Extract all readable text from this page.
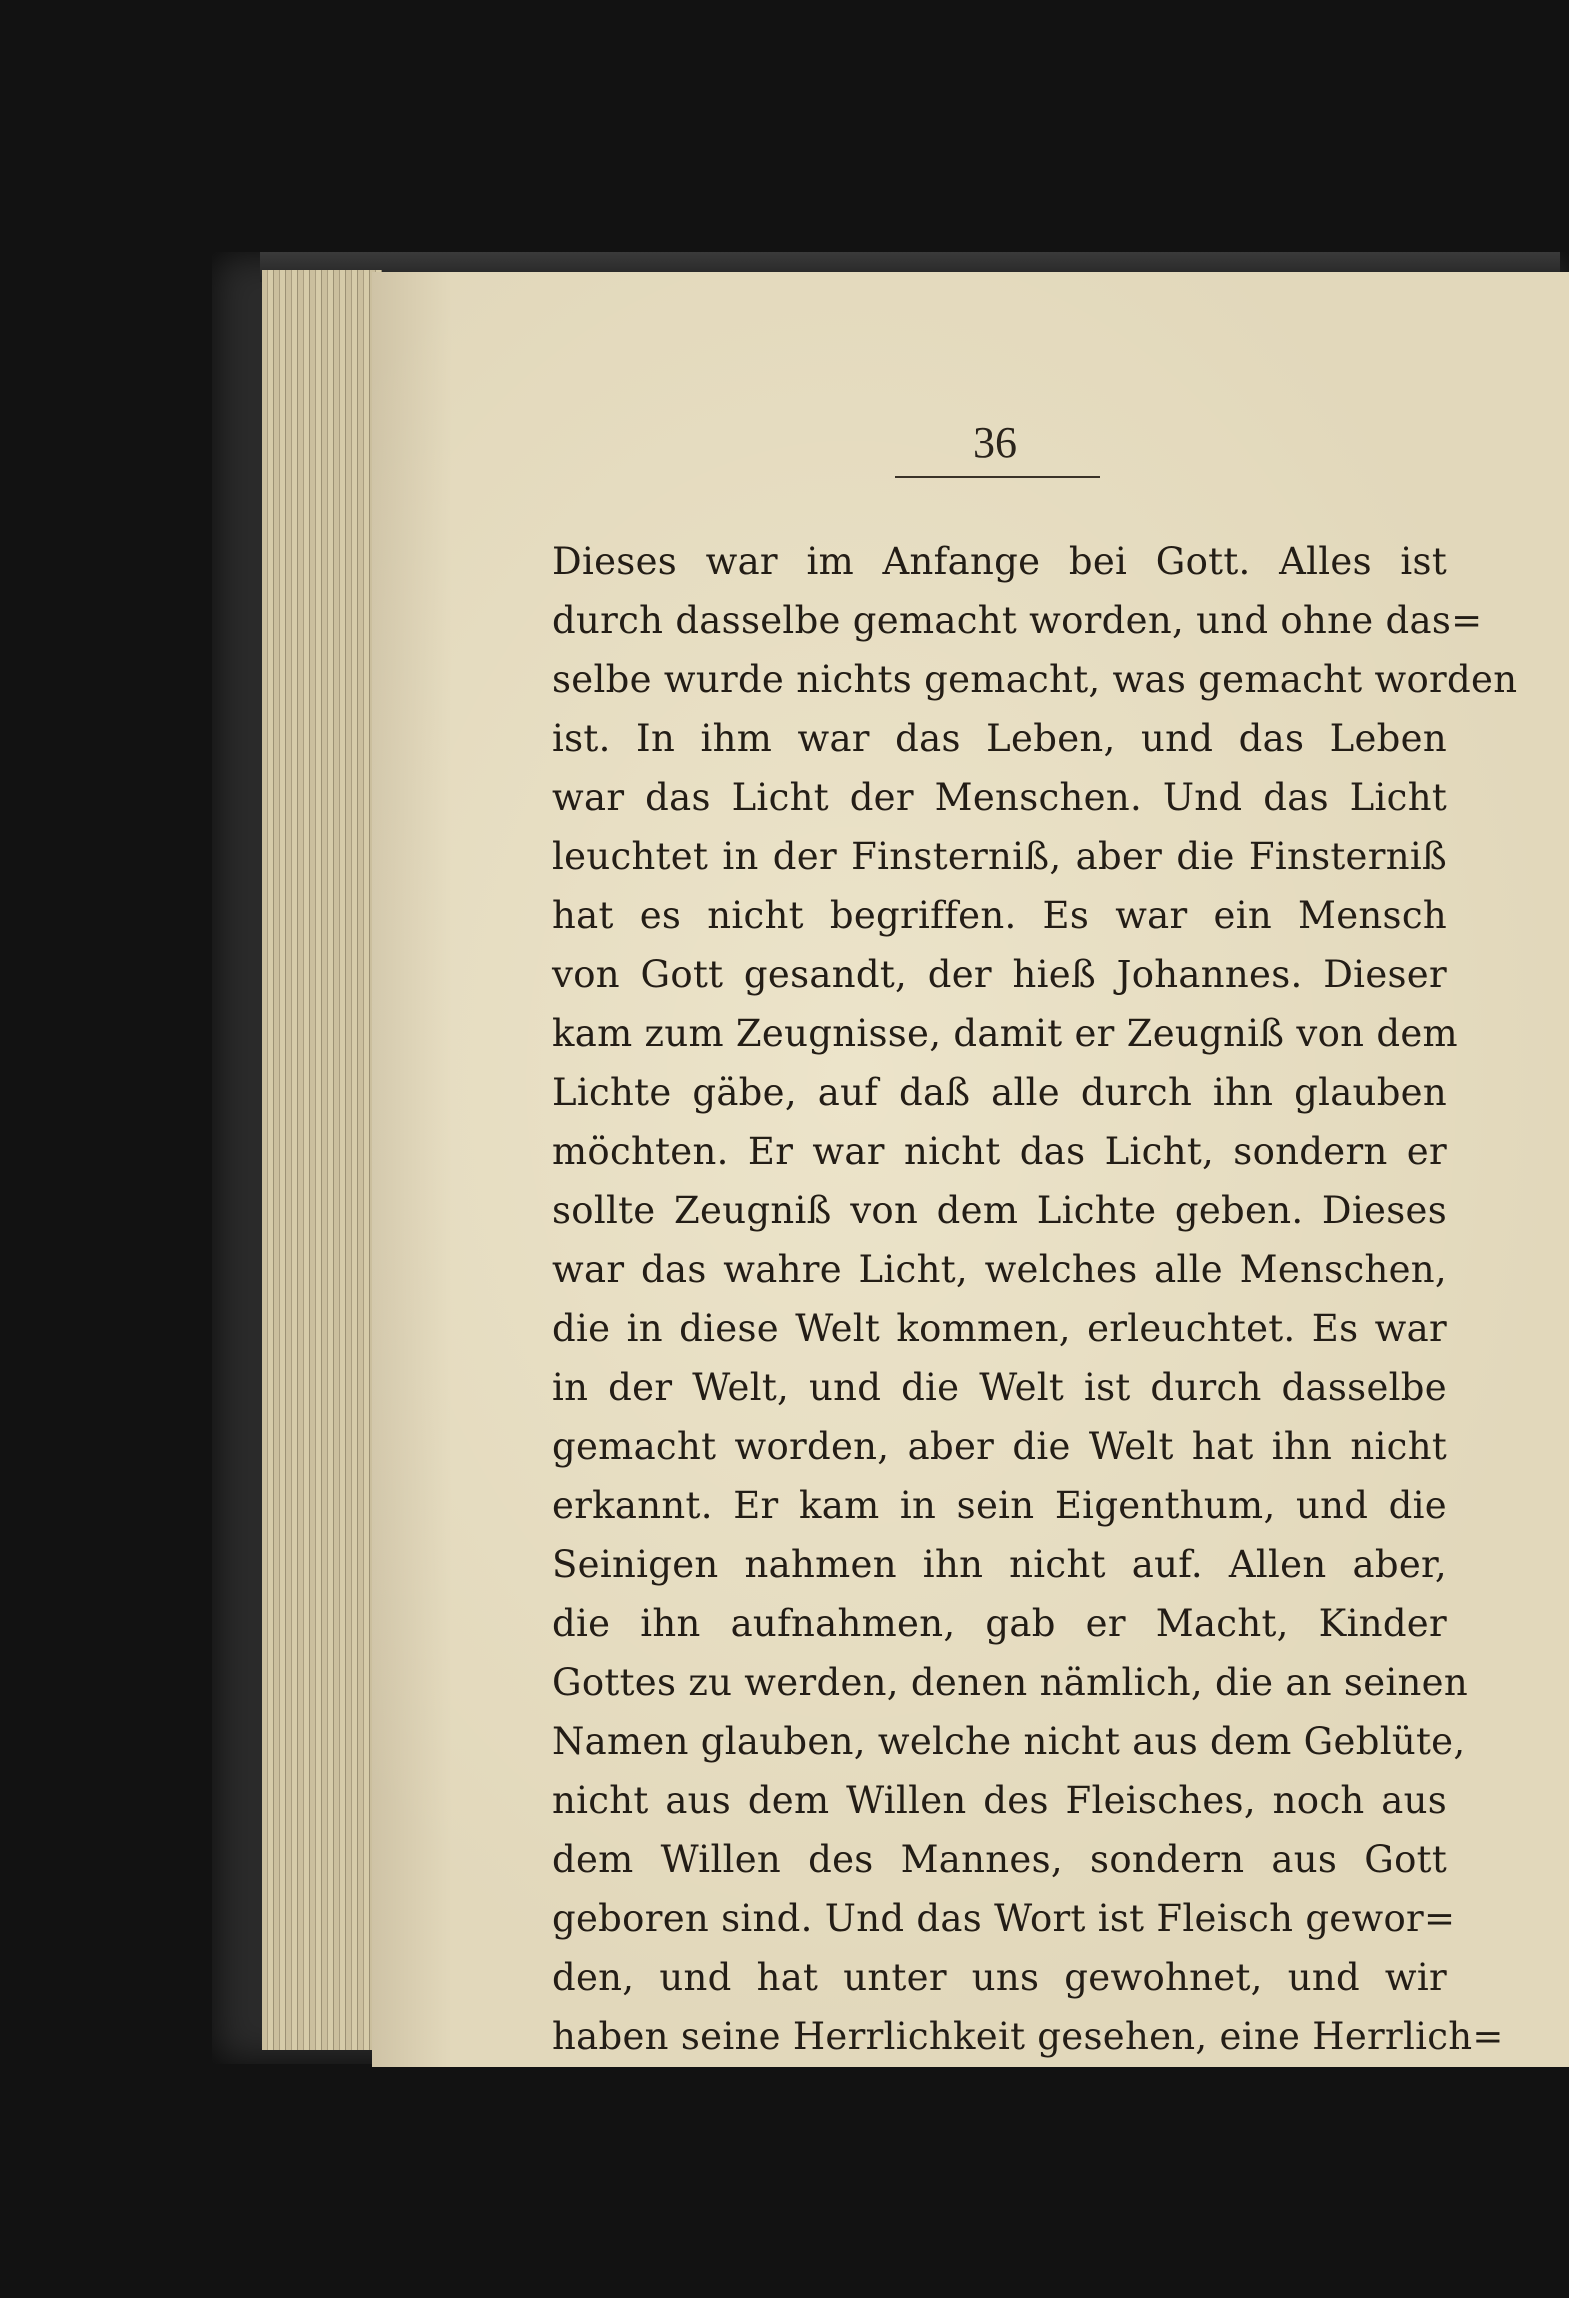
36
Dieses war im Anfange bei Gott. Alles ist
durch dasselbe gemacht worden, und ohne das=
selbe wurde nichts gemacht, was gemacht worden
ist. In ihm war das Leben, und das Leben
war das Licht der Menschen. Und das Licht
leuchtet in der Finsterniß, aber die Finsterniß
hat es nicht begriffen. Es war ein Mensch
von Gott gesandt, der hieß Johannes. Dieser
kam zum Zeugnisse, damit er Zeugniß von dem
Lichte gäbe, auf daß alle durch ihn glauben
möchten. Er war nicht das Licht, sondern er
sollte Zeugniß von dem Lichte geben. Dieses
war das wahre Licht, welches alle Menschen,
die in diese Welt kommen, erleuchtet. Es war
in der Welt, und die Welt ist durch dasselbe
gemacht worden, aber die Welt hat ihn nicht
erkannt. Er kam in sein Eigenthum, und die
Seinigen nahmen ihn nicht auf. Allen aber,
die ihn aufnahmen, gab er Macht, Kinder
Gottes zu werden, denen nämlich, die an seinen
Namen glauben, welche nicht aus dem Geblüte,
nicht aus dem Willen des Fleisches, noch aus
dem Willen des Mannes, sondern aus Gott
geboren sind. Und das Wort ist Fleisch gewor=
den, und hat unter uns gewohnet, und wir
haben seine Herrlichkeit gesehen, eine Herrlich=
